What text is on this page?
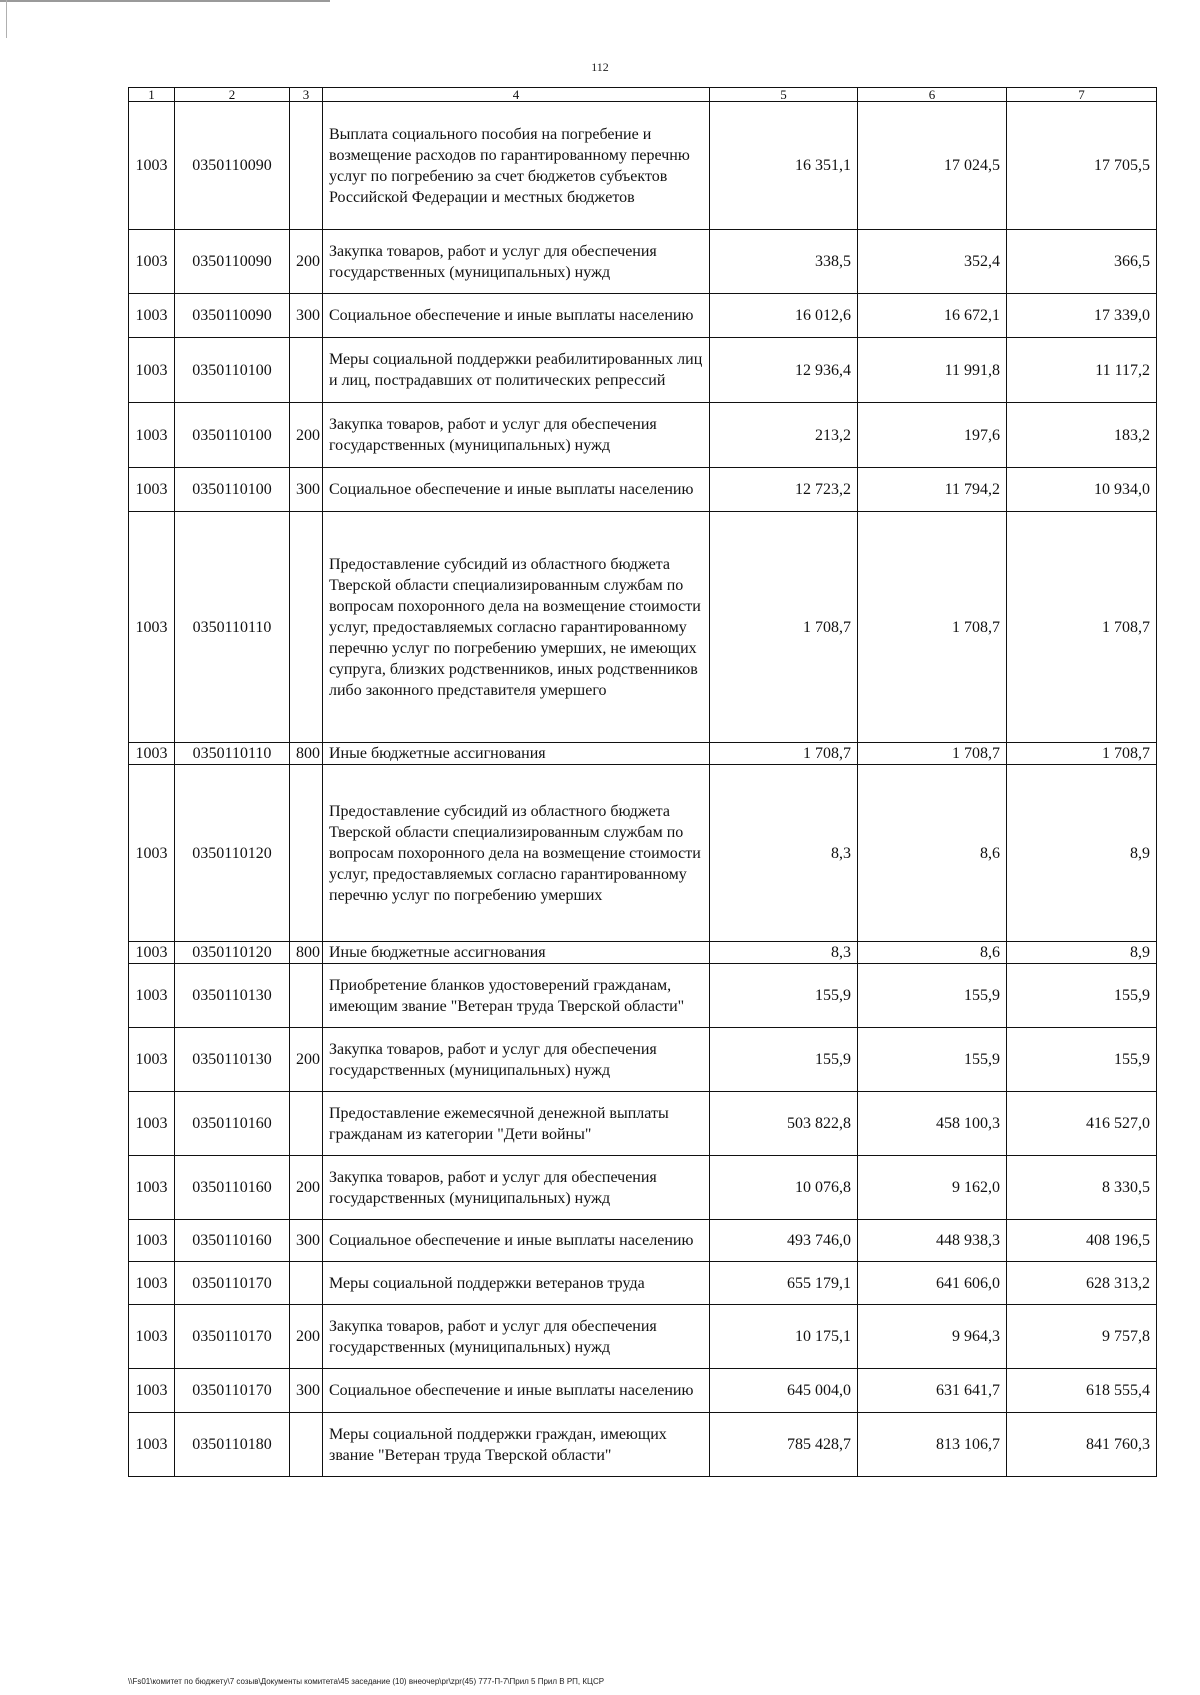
112
1	2	3	4	5	6	7
1003	0350110090		Выплата социального пособия на погребение и возмещение расходов по гарантированному перечню услуг по погребению за счет бюджетов субъектов Российской Федерации и местных бюджетов	16 351,1	17 024,5	17 705,5
1003	0350110090	200	Закупка товаров, работ и услуг для обеспечения государственных (муниципальных) нужд	338,5	352,4	366,5
1003	0350110090	300	Социальное обеспечение и иные выплаты населению	16 012,6	16 672,1	17 339,0
1003	0350110100		Меры социальной поддержки реабилитированных лиц и лиц, пострадавших от политических репрессий	12 936,4	11 991,8	11 117,2
1003	0350110100	200	Закупка товаров, работ и услуг для обеспечения государственных (муниципальных) нужд	213,2	197,6	183,2
1003	0350110100	300	Социальное обеспечение и иные выплаты населению	12 723,2	11 794,2	10 934,0
1003	0350110110		Предоставление субсидий из областного бюджета Тверской области специализированным службам по вопросам похоронного дела на возмещение стоимости услуг, предоставляемых согласно гарантированному перечню услуг по погребению умерших, не имеющих супруга, близких родственников, иных родственников либо законного представителя умершего	1 708,7	1 708,7	1 708,7
1003	0350110110	800	Иные бюджетные ассигнования	1 708,7	1 708,7	1 708,7
1003	0350110120		Предоставление субсидий из областного бюджета Тверской области специализированным службам по вопросам похоронного дела на возмещение стоимости услуг, предоставляемых согласно гарантированному перечню услуг по погребению умерших	8,3	8,6	8,9
1003	0350110120	800	Иные бюджетные ассигнования	8,3	8,6	8,9
1003	0350110130		Приобретение бланков удостоверений гражданам, имеющим звание "Ветеран труда Тверской области"	155,9	155,9	155,9
1003	0350110130	200	Закупка товаров, работ и услуг для обеспечения государственных (муниципальных) нужд	155,9	155,9	155,9
1003	0350110160		Предоставление ежемесячной денежной выплаты гражданам из категории "Дети войны"	503 822,8	458 100,3	416 527,0
1003	0350110160	200	Закупка товаров, работ и услуг для обеспечения государственных (муниципальных) нужд	10 076,8	9 162,0	8 330,5
1003	0350110160	300	Социальное обеспечение и иные выплаты населению	493 746,0	448 938,3	408 196,5
1003	0350110170		Меры социальной поддержки ветеранов труда	655 179,1	641 606,0	628 313,2
1003	0350110170	200	Закупка товаров, работ и услуг для обеспечения государственных (муниципальных) нужд	10 175,1	9 964,3	9 757,8
1003	0350110170	300	Социальное обеспечение и иные выплаты населению	645 004,0	631 641,7	618 555,4
1003	0350110180		Меры социальной поддержки граждан, имеющих звание "Ветеран труда Тверской области"	785 428,7	813 106,7	841 760,3
\\Fs01\комитет по бюджету\7 созыв\Документы комитета\45 заседание (10) внеочер\pr\zpr(45) 777-П-7\Прил 5 Прил В РП, КЦСР
